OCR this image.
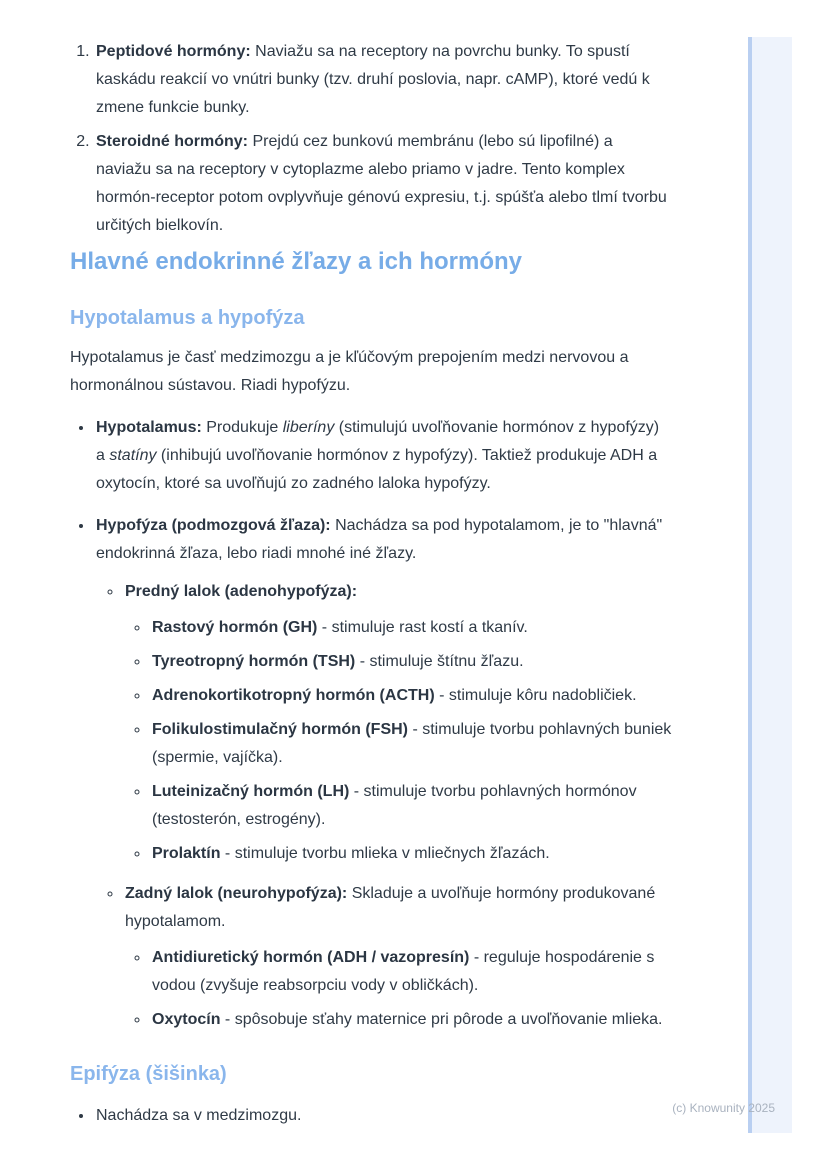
1. Peptidové hormóny: Naviažu sa na receptory na povrchu bunky. To spustí kaskádu reakcií vo vnútri bunky (tzv. druhí poslovia, napr. cAMP), ktoré vedú k zmene funkcie bunky.
2. Steroidné hormóny: Prejdú cez bunkovú membránu (lebo sú lipofilné) a naviažu sa na receptory v cytoplazme alebo priamo v jadre. Tento komplex hormón-receptor potom ovplyvňuje génovú expresiu, t.j. spúšťa alebo tlmí tvorbu určitých bielkovín.
Hlavné endokrinné žľazy a ich hormóny
Hypotalamus a hypofýza

Hypotalamus je časť medzimozgu a je kľúčovým prepojením medzi nervovou a hormonálnou sústavou. Riadi hypofýzu.

• Hypotalamus: Produkuje liberíny (stimulujú uvoľňovanie hormónov z hypofýzy) a statíny (inhibujú uvoľňovanie hormónov z hypofýzy). Taktiež produkuje ADH a oxytocín, ktoré sa uvoľňujú zo zadného laloka hypofýzy.
• Hypofýza (podmozgová žľaza): Nachádza sa pod hypotalamom, je to "hlavná" endokrinná žľaza, lebo riadi mnohé iné žľazy.
◦ Predný lalok (adenohypofýza):
◦ Rastový hormón (GH) - stimuluje rast kostí a tkanív.
◦ Tyreotropný hormón (TSH) - stimuluje štítnu žľazu.
◦ Adrenokortikotropný hormón (ACTH) - stimuluje kôru nadobličiek.
◦ Folikulostimulačný hormón (FSH) - stimuluje tvorbu pohlavných buniek (spermie, vajíčka).
◦ Luteinizačný hormón (LH) - stimuluje tvorbu pohlavných hormónov (testosterón, estrogény).
◦ Prolaktín - stimuluje tvorbu mlieka v mliečnych žľazách.
◦ Zadný lalok (neurohypofýza): Skladuje a uvoľňuje hormóny produkované hypotalamom.
◦ Antidiuretický hormón (ADH / vazopresín) - reguluje hospodárenie s vodou (zvyšuje reabsorpciu vody v obličkách).
◦ Oxytocín - spôsobuje sťahy maternice pri pôrode a uvoľňovanie mlieka.
Epifýza (šišinka)
• Nachádza sa v medzimozgu.	(c) Knowunity 2025
